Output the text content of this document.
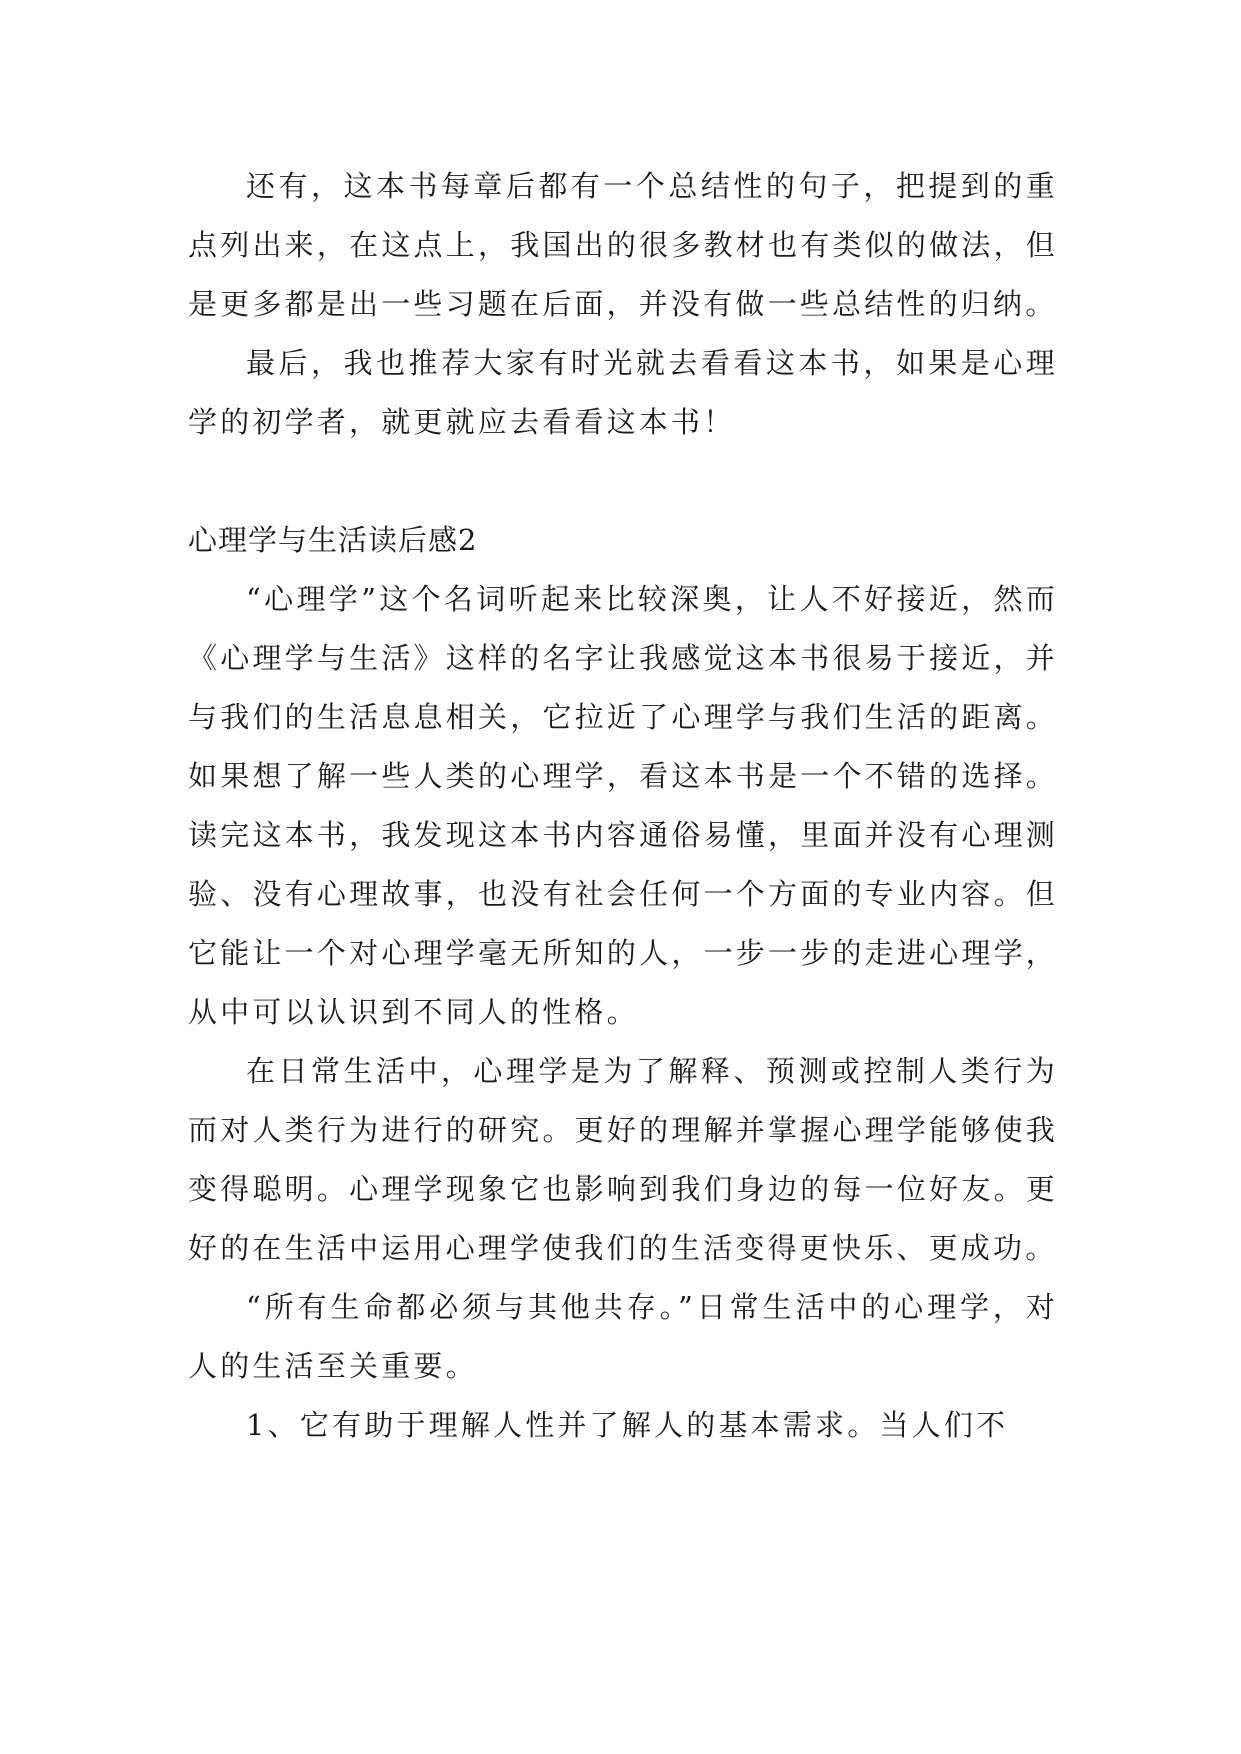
还有，这本书每章后都有一个总结性的句子，把提到的重点列出来，在这点上，我国出的很多教材也有类似的做法，但是更多都是出一些习题在后面，并没有做一些总结性的归纳。

最后，我也推荐大家有时光就去看看这本书，如果是心理学的初学者，就更就应去看看这本书！

心理学与生活读后感2

“心理学”这个名词听起来比较深奥，让人不好接近，然而《心理学与生活》这样的名字让我感觉这本书很易于接近，并与我们的生活息息相关，它拉近了心理学与我们生活的距离。如果想了解一些人类的心理学，看这本书是一个不错的选择。读完这本书，我发现这本书内容通俗易懂，里面并没有心理测验、没有心理故事，也没有社会任何一个方面的专业内容。但它能让一个对心理学毫无所知的人，一步一步的走进心理学，从中可以认识到不同人的性格。

在日常生活中，心理学是为了解释、预测或控制人类行为而对人类行为进行的研究。更好的理解并掌握心理学能够使我变得聪明。心理学现象它也影响到我们身边的每一位好友。更好的在生活中运用心理学使我们的生活变得更快乐、更成功。

“所有生命都必须与其他共存。”日常生活中的心理学，对人的生活至关重要。

1、它有助于理解人性并了解人的基本需求。当人们不
